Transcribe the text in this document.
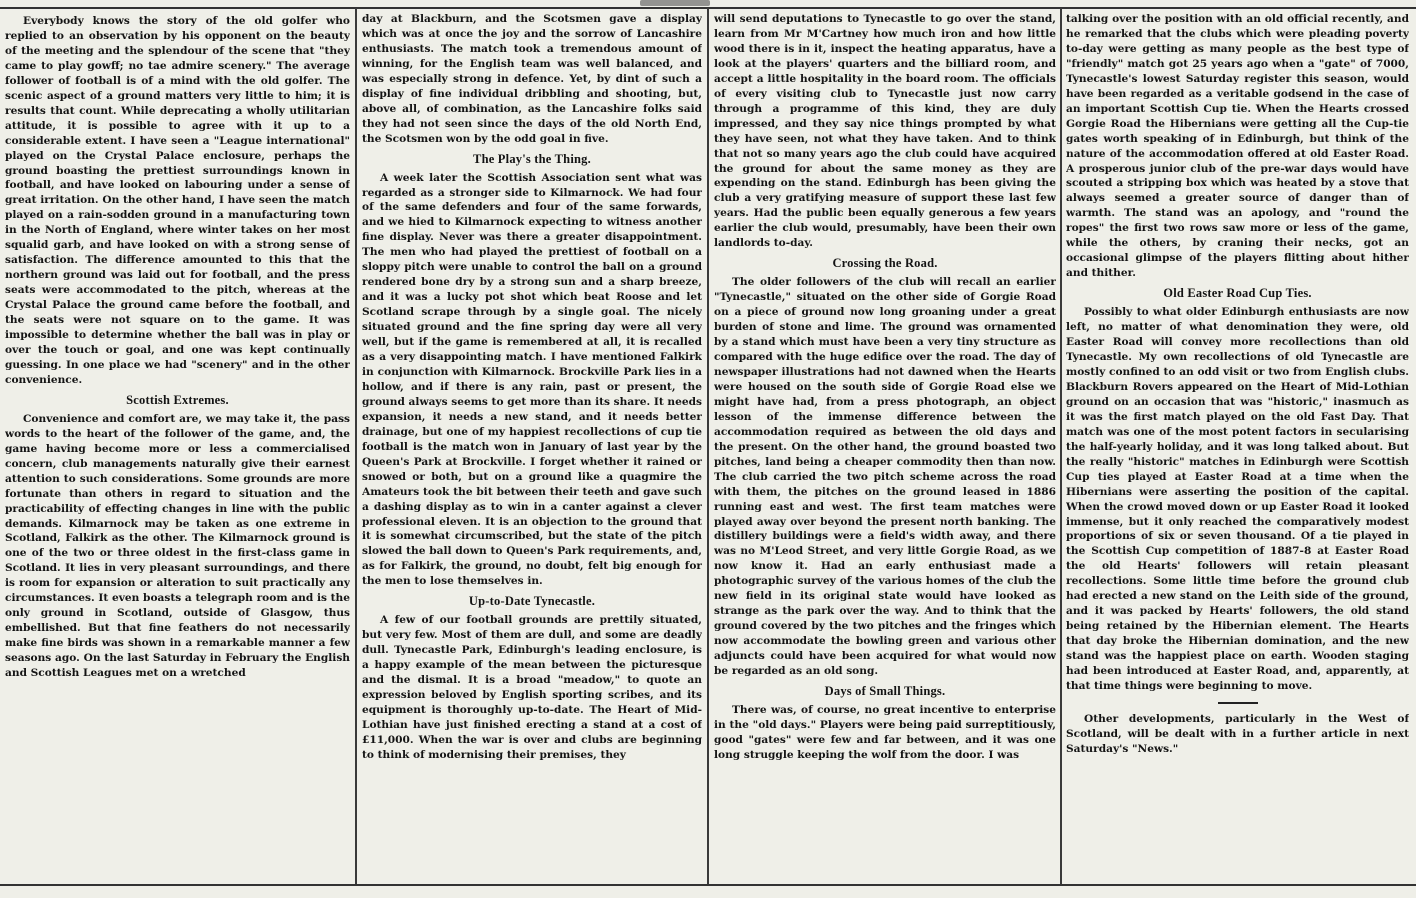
Everybody knows the story of the old golfer who replied to an observation by his opponent on the beauty of the meeting and the splendour of the scene that "they came to play gowff; no tae admire scenery." The average follower of football is of a mind with the old golfer. The scenic aspect of a ground matters very little to him; it is results that count. While deprecating a wholly utilitarian attitude, it is possible to agree with it up to a considerable extent. I have seen a "League international" played on the Crystal Palace enclosure, perhaps the ground boasting the prettiest surroundings known in football, and have looked on labouring under a sense of great irritation. On the other hand, I have seen the match played on a rain-sodden ground in a manufacturing town in the North of England, where winter takes on her most squalid garb, and have looked on with a strong sense of satisfaction. The difference amounted to this that the northern ground was laid out for football, and the press seats were accommodated to the pitch, whereas at the Crystal Palace the ground came before the football, and the seats were not square on to the game. It was impossible to determine whether the ball was in play or over the touch or goal, and one was kept continually guessing. In one place we had "scenery" and in the other convenience.

Scottish Extremes.

Convenience and comfort are, we may take it, the pass words to the heart of the follower of the game, and, the game having become more or less a commercialised concern, club managements naturally give their earnest attention to such considerations. Some grounds are more fortunate than others in regard to situation and the practicability of effecting changes in line with the public demands. Kilmarnock may be taken as one extreme in Scotland, Falkirk as the other. The Kilmarnock ground is one of the two or three oldest in the first-class game in Scotland. It lies in very pleasant surroundings, and there is room for expansion or alteration to suit practically any circumstances. It even boasts a telegraph room and is the only ground in Scotland, outside of Glasgow, thus embellished. But that fine feathers do not necessarily make fine birds was shown in a remarkable manner a few seasons ago. On the last Saturday in February the English and Scottish Leagues met on a wretched

day at Blackburn, and the Scotsmen gave a display which was at once the joy and the sorrow of Lancashire enthusiasts. The match took a tremendous amount of winning, for the English team was well balanced, and was especially strong in defence. Yet, by dint of such a display of fine individual dribbling and shooting, but, above all, of combination, as the Lancashire folks said they had not seen since the days of the old North End, the Scotsmen won by the odd goal in five.

The Play's the Thing.

A week later the Scottish Association sent what was regarded as a stronger side to Kilmarnock. We had four of the same defenders and four of the same forwards, and we hied to Kilmarnock expecting to witness another fine display. Never was there a greater disappointment. The men who had played the prettiest of football on a sloppy pitch were unable to control the ball on a ground rendered bone dry by a strong sun and a sharp breeze, and it was a lucky pot shot which beat Roose and let Scotland scrape through by a single goal. The nicely situated ground and the fine spring day were all very well, but if the game is remembered at all, it is recalled as a very disappointing match. I have mentioned Falkirk in conjunction with Kilmarnock. Brockville Park lies in a hollow, and if there is any rain, past or present, the ground always seems to get more than its share. It needs expansion, it needs a new stand, and it needs better drainage, but one of my happiest recollections of cup tie football is the match won in January of last year by the Queen's Park at Brockville. I forget whether it rained or snowed or both, but on a ground like a quagmire the Amateurs took the bit between their teeth and gave such a dashing display as to win in a canter against a clever professional eleven. It is an objection to the ground that it is somewhat circumscribed, but the state of the pitch slowed the ball down to Queen's Park requirements, and, as for Falkirk, the ground, no doubt, felt big enough for the men to lose themselves in.

Up-to-Date Tynecastle.

A few of our football grounds are prettily situated, but very few. Most of them are dull, and some are deadly dull. Tynecastle Park, Edinburgh's leading enclosure, is a happy example of the mean between the picturesque and the dismal. It is a broad "meadow," to quote an expression beloved by English sporting scribes, and its equipment is thoroughly up-to-date. The Heart of Mid-Lothian have just finished erecting a stand at a cost of £11,000. When the war is over and clubs are beginning to think of modernising their premises, they

will send deputations to Tynecastle to go over the stand, learn from Mr M'Cartney how much iron and how little wood there is in it, inspect the heating apparatus, have a look at the players' quarters and the billiard room, and accept a little hospitality in the board room. The officials of every visiting club to Tynecastle just now carry through a programme of this kind, they are duly impressed, and they say nice things prompted by what they have seen, not what they have taken. And to think that not so many years ago the club could have acquired the ground for about the same money as they are expending on the stand. Edinburgh has been giving the club a very gratifying measure of support these last few years. Had the public been equally generous a few years earlier the club would, presumably, have been their own landlords to-day.

Crossing the Road.

The older followers of the club will recall an earlier "Tynecastle," situated on the other side of Gorgie Road on a piece of ground now long groaning under a great burden of stone and lime. The ground was ornamented by a stand which must have been a very tiny structure as compared with the huge edifice over the road. The day of newspaper illustrations had not dawned when the Hearts were housed on the south side of Gorgie Road else we might have had, from a press photograph, an object lesson of the immense difference between the accommodation required as between the old days and the present. On the other hand, the ground boasted two pitches, land being a cheaper commodity then than now. The club carried the two pitch scheme across the road with them, the pitches on the ground leased in 1886 running east and west. The first team matches were played away over beyond the present north banking. The distillery buildings were a field's width away, and there was no M'Leod Street, and very little Gorgie Road, as we now know it. Had an early enthusiast made a photographic survey of the various homes of the club the new field in its original state would have looked as strange as the park over the way. And to think that the ground covered by the two pitches and the fringes which now accommodate the bowling green and various other adjuncts could have been acquired for what would now be regarded as an old song.

Days of Small Things.

There was, of course, no great incentive to enterprise in the "old days." Players were being paid surreptitiously, good "gates" were few and far between, and it was one long struggle keeping the wolf from the door. I was

talking over the position with an old official recently, and he remarked that the clubs which were pleading poverty to-day were getting as many people as the best type of "friendly" match got 25 years ago when a "gate" of 7000, Tynecastle's lowest Saturday register this season, would have been regarded as a veritable godsend in the case of an important Scottish Cup tie. When the Hearts crossed Gorgie Road the Hibernians were getting all the Cup-tie gates worth speaking of in Edinburgh, but think of the nature of the accommodation offered at old Easter Road. A prosperous junior club of the pre-war days would have scouted a stripping box which was heated by a stove that always seemed a greater source of danger than of warmth. The stand was an apology, and "round the ropes" the first two rows saw more or less of the game, while the others, by craning their necks, got an occasional glimpse of the players flitting about hither and thither.

Old Easter Road Cup Ties.

Possibly to what older Edinburgh enthusiasts are now left, no matter of what denomination they were, old Easter Road will convey more recollections than old Tynecastle. My own recollections of old Tynecastle are mostly confined to an odd visit or two from English clubs. Blackburn Rovers appeared on the Heart of Mid-Lothian ground on an occasion that was "historic," inasmuch as it was the first match played on the old Fast Day. That match was one of the most potent factors in secularising the half-yearly holiday, and it was long talked about. But the really "historic" matches in Edinburgh were Scottish Cup ties played at Easter Road at a time when the Hibernians were asserting the position of the capital. When the crowd moved down or up Easter Road it looked immense, but it only reached the comparatively modest proportions of six or seven thousand. Of a tie played in the Scottish Cup competition of 1887-8 at Easter Road the old Hearts' followers will retain pleasant recollections. Some little time before the ground club had erected a new stand on the Leith side of the ground, and it was packed by Hearts' followers, the old stand being retained by the Hibernian element. The Hearts that day broke the Hibernian domination, and the new stand was the happiest place on earth. Wooden staging had been introduced at Easter Road, and, apparently, at that time things were beginning to move.

Other developments, particularly in the West of Scotland, will be dealt with in a further article in next Saturday's "News."
